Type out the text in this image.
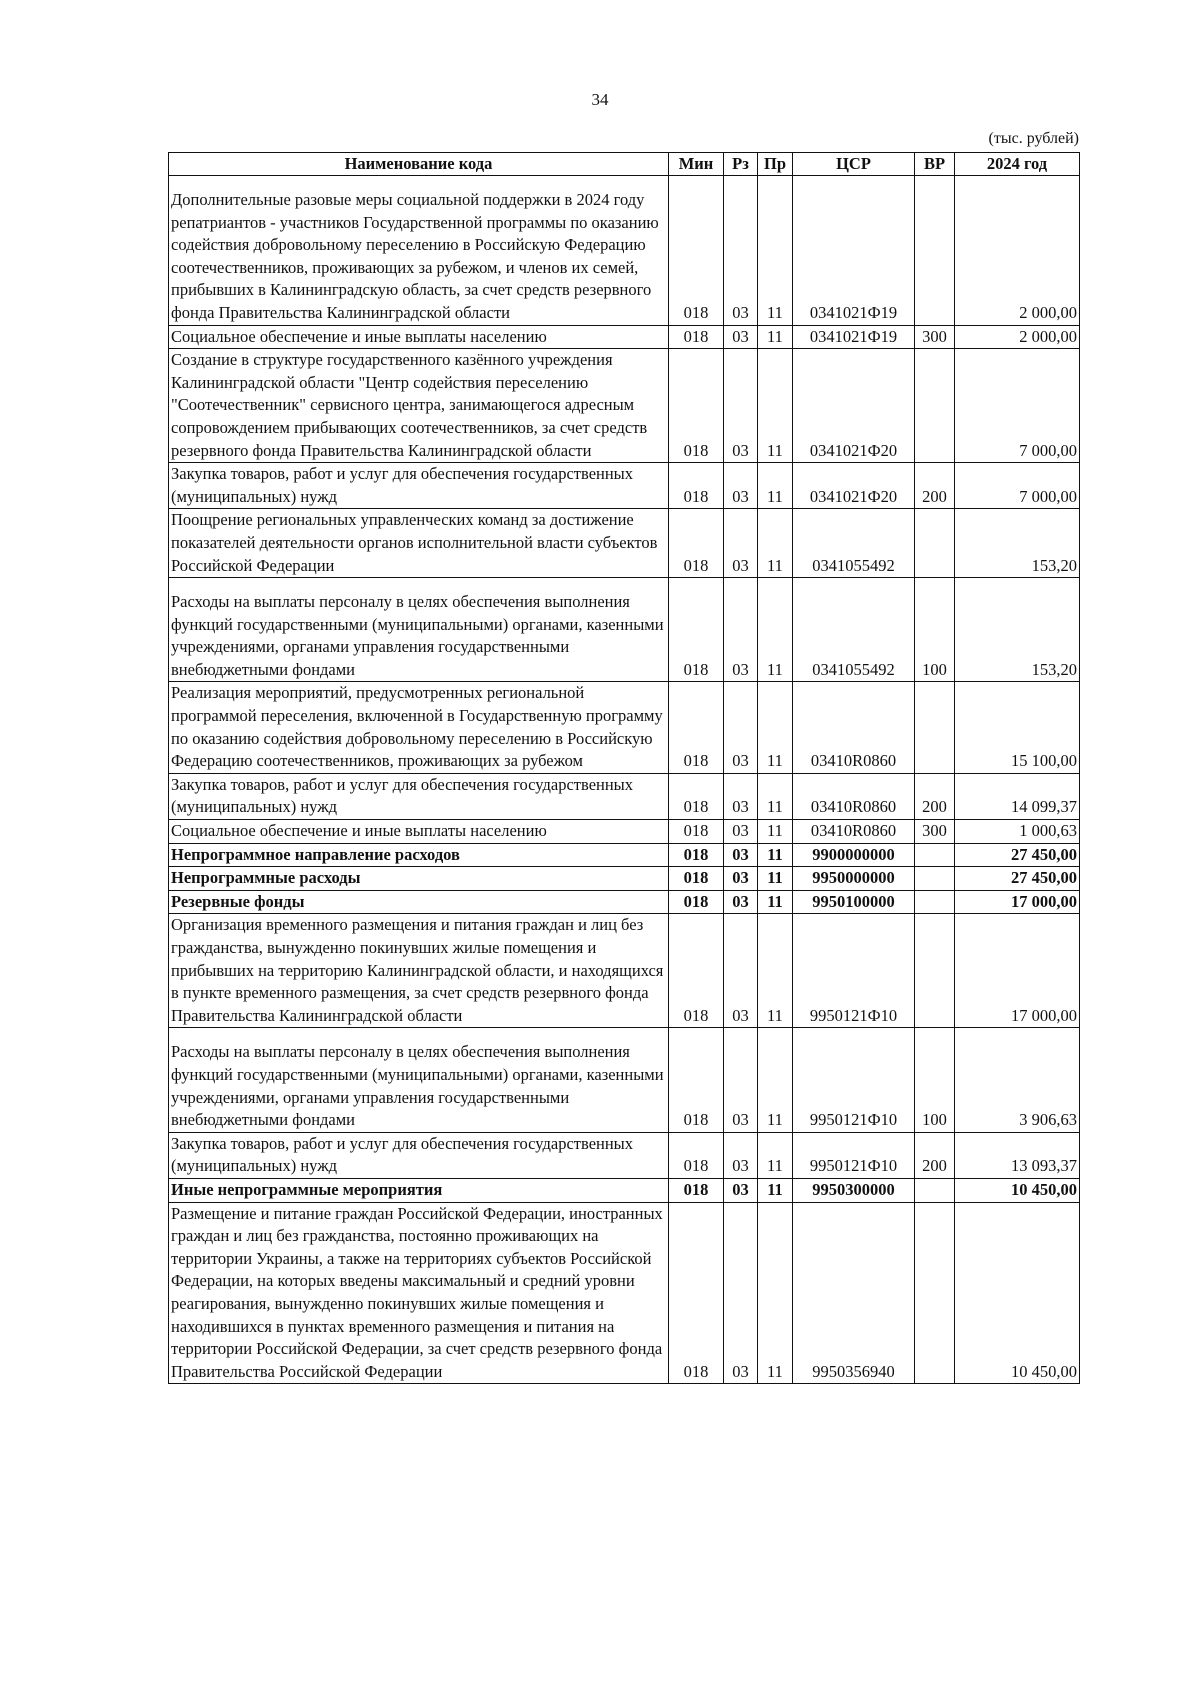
34
(тыс. рублей)
Наименование кода	Мин	Рз	Пр	ЦСР	ВР	2024 год
Дополнительные разовые меры социальной поддержки в 2024 году репатриантов - участников Государственной программы по оказанию содействия добровольному переселению в Российскую Федерацию соотечественников, проживающих за рубежом, и членов их семей, прибывших в Калининградскую область, за счет средств резервного фонда Правительства Калининградской области	018	03	11	0341021Ф19		2 000,00
Социальное обеспечение и иные выплаты населению	018	03	11	0341021Ф19	300	2 000,00
Создание в структуре государственного казённого учреждения Калининградской области "Центр содействия переселению "Соотечественник" сервисного центра, занимающегося адресным сопровождением прибывающих соотечественников, за счет средств резервного фонда Правительства Калининградской области	018	03	11	0341021Ф20		7 000,00
Закупка товаров, работ и услуг для обеспечения государственных (муниципальных) нужд	018	03	11	0341021Ф20	200	7 000,00
Поощрение региональных управленческих команд за достижение показателей деятельности органов исполнительной власти субъектов Российской Федерации	018	03	11	0341055492		153,20
Расходы на выплаты персоналу в целях обеспечения выполнения функций государственными (муниципальными) органами, казенными учреждениями, органами управления государственными внебюджетными фондами	018	03	11	0341055492	100	153,20
Реализация мероприятий, предусмотренных региональной программой переселения, включенной в Государственную программу по оказанию содействия добровольному переселению в Российскую Федерацию соотечественников, проживающих за рубежом	018	03	11	03410R0860		15 100,00
Закупка товаров, работ и услуг для обеспечения государственных (муниципальных) нужд	018	03	11	03410R0860	200	14 099,37
Социальное обеспечение и иные выплаты населению	018	03	11	03410R0860	300	1 000,63
Непрограммное направление расходов	018	03	11	9900000000		27 450,00
Непрограммные расходы	018	03	11	9950000000		27 450,00
Резервные фонды	018	03	11	9950100000		17 000,00
Организация временного размещения и питания граждан и лиц без гражданства, вынужденно покинувших жилые помещения и прибывших на территорию Калининградской области, и находящихся в пункте временного размещения, за счет средств резервного фонда Правительства Калининградской области	018	03	11	9950121Ф10		17 000,00
Расходы на выплаты персоналу в целях обеспечения выполнения функций государственными (муниципальными) органами, казенными учреждениями, органами управления государственными внебюджетными фондами	018	03	11	9950121Ф10	100	3 906,63
Закупка товаров, работ и услуг для обеспечения государственных (муниципальных) нужд	018	03	11	9950121Ф10	200	13 093,37
Иные непрограммные мероприятия	018	03	11	9950300000		10 450,00
Размещение и питание граждан Российской Федерации, иностранных граждан и лиц без гражданства, постоянно проживающих на территории Украины, а также на территориях субъектов Российской Федерации, на которых введены максимальный и средний уровни реагирования, вынужденно покинувших жилые помещения и находившихся в пунктах временного размещения и питания на территории Российской Федерации, за счет средств резервного фонда Правительства Российской Федерации	018	03	11	9950356940		10 450,00
